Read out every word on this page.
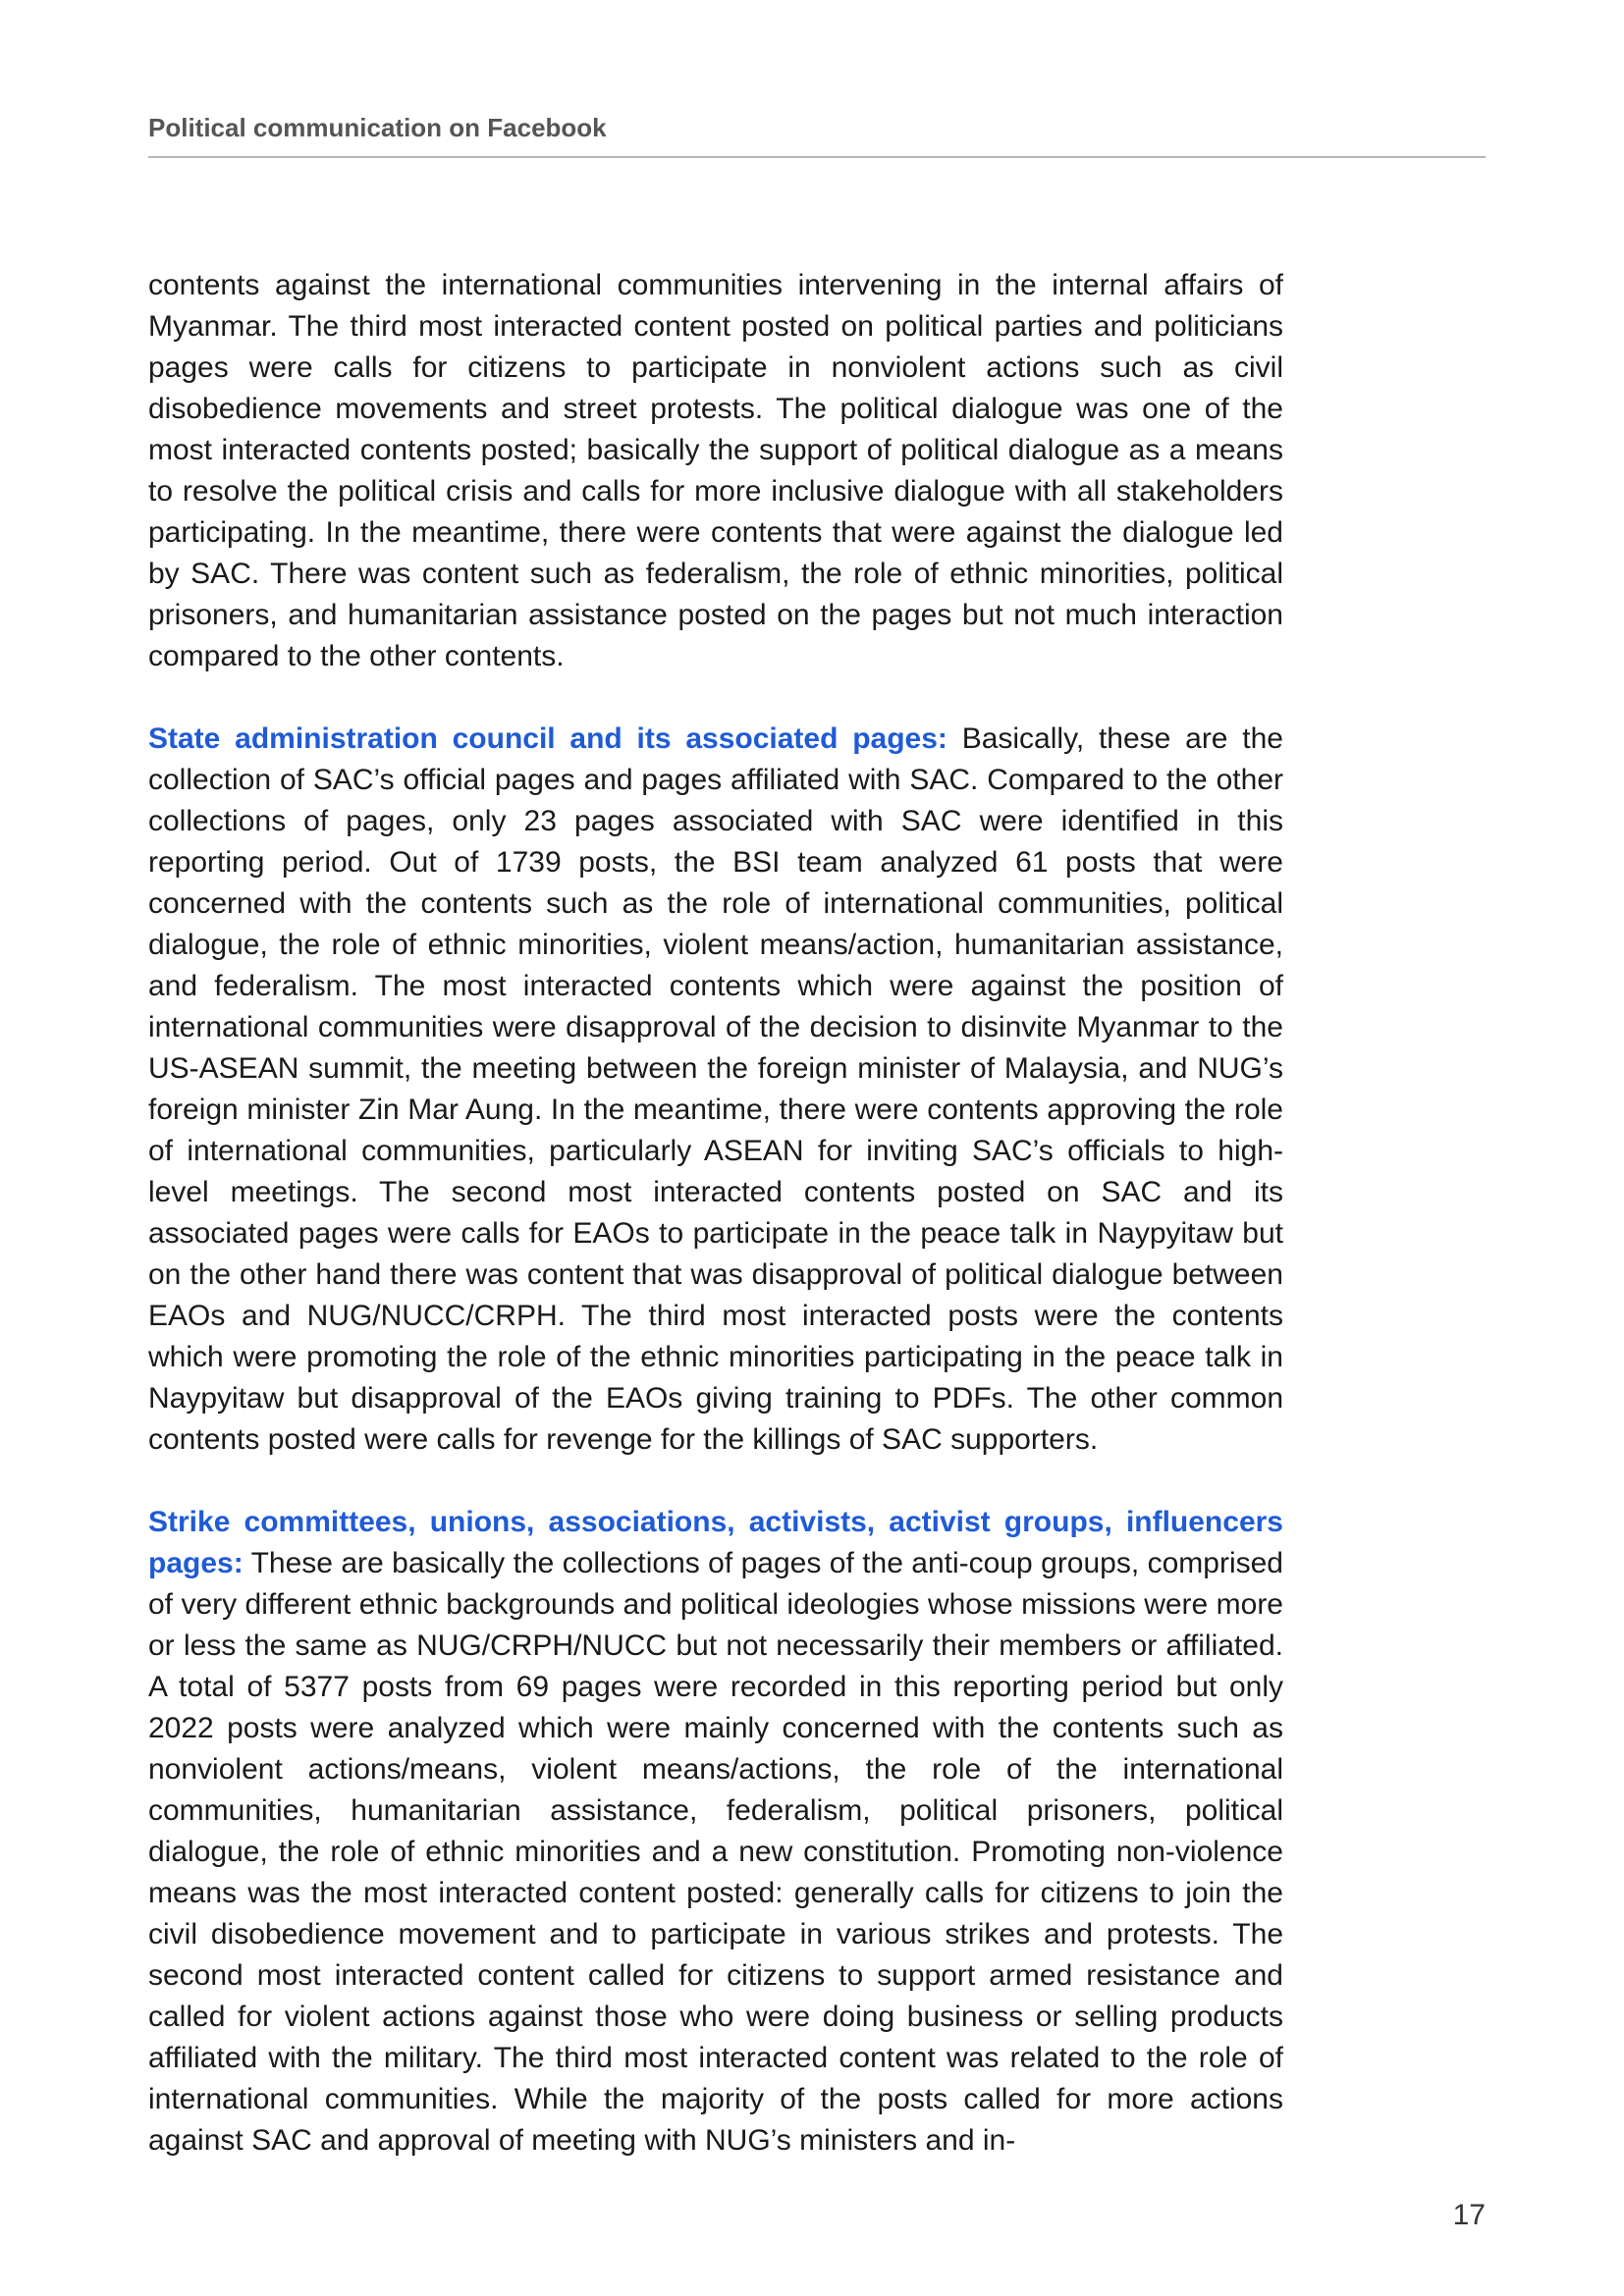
Political communication on Facebook

contents against the international communities intervening in the internal affairs of Myanmar. The third most interacted content posted on political parties and politicians pages were calls for citizens to participate in nonviolent actions such as civil disobedience movements and street protests. The political dialogue was one of the most interacted contents posted; basically the support of political dialogue as a means to resolve the political crisis and calls for more inclusive dialogue with all stakeholders participating. In the meantime, there were contents that were against the dialogue led by SAC. There was content such as federalism, the role of ethnic minorities, political prisoners, and humanitarian assistance posted on the pages but not much interaction compared to the other contents.

State administration council and its associated pages: Basically, these are the collection of SAC’s official pages and pages affiliated with SAC. Compared to the other collections of pages, only 23 pages associated with SAC were identified in this reporting period. Out of 1739 posts, the BSI team analyzed 61 posts that were concerned with the contents such as the role of international communities, political dialogue, the role of ethnic minorities, violent means/action, humanitarian assistance, and federalism. The most interacted contents which were against the position of international communities were disapproval of the decision to disinvite Myanmar to the US-ASEAN summit, the meeting between the foreign minister of Malaysia, and NUG’s foreign minister Zin Mar Aung. In the meantime, there were contents approving the role of international communities, particularly ASEAN for inviting SAC’s officials to high-level meetings. The second most interacted contents posted on SAC and its associated pages were calls for EAOs to participate in the peace talk in Naypyitaw but on the other hand there was content that was disapproval of political dialogue between EAOs and NUG/NUCC/CRPH. The third most interacted posts were the contents which were promoting the role of the ethnic minorities participating in the peace talk in Naypyitaw but disapproval of the EAOs giving training to PDFs. The other common contents posted were calls for revenge for the killings of SAC supporters.

Strike committees, unions, associations, activists, activist groups, influencers pages: These are basically the collections of pages of the anti-coup groups, comprised of very different ethnic backgrounds and political ideologies whose missions were more or less the same as NUG/CRPH/NUCC but not necessarily their members or affiliated. A total of 5377 posts from 69 pages were recorded in this reporting period but only 2022 posts were analyzed which were mainly concerned with the contents such as nonviolent actions/means, violent means/actions, the role of the international communities, humanitarian assistance, federalism, political prisoners, political dialogue, the role of ethnic minorities and a new constitution. Promoting non-violence means was the most interacted content posted: generally calls for citizens to join the civil disobedience movement and to participate in various strikes and protests. The second most interacted content called for citizens to support armed resistance and called for violent actions against those who were doing business or selling products affiliated with the military. The third most interacted content was related to the role of international communities. While the majority of the posts called for more actions against SAC and approval of meeting with NUG’s ministers and in-

17
